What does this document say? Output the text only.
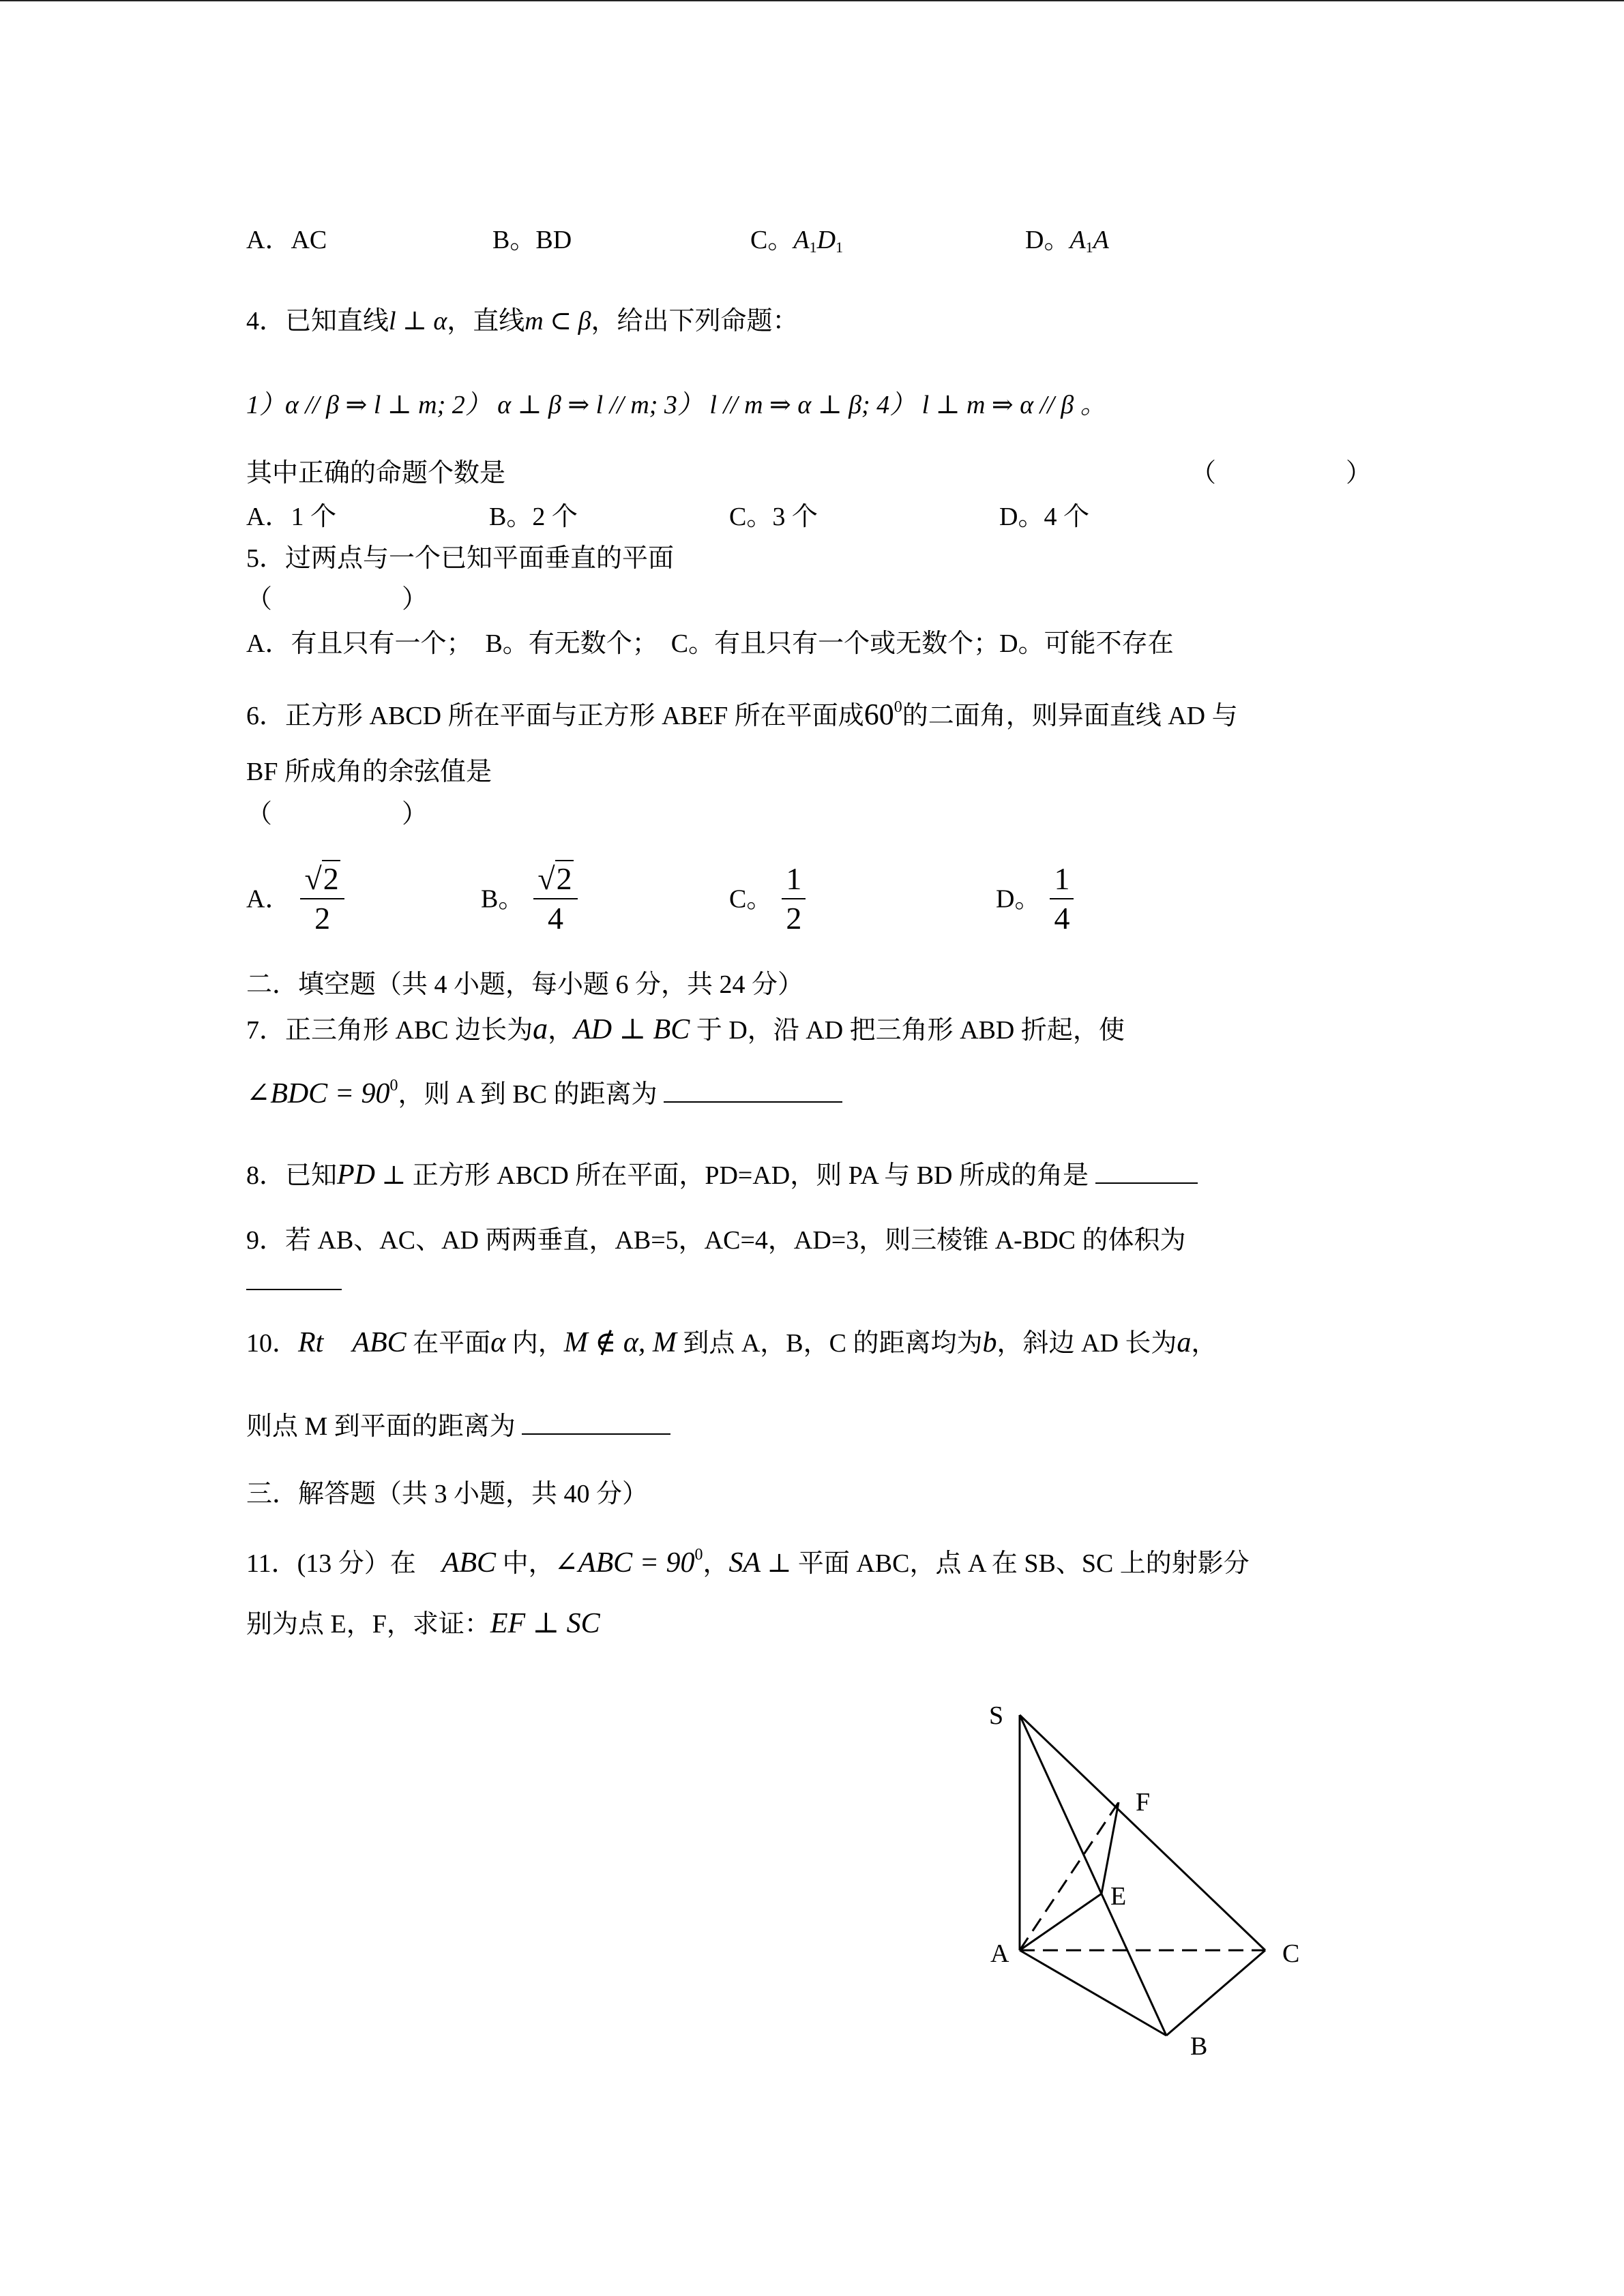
A．AC	B。BD	C。$A_1D_1$	D。$A_1A$
4．已知直线l ⊥ α，直线m ⊂ β，给出下列命题：
1）α // β ⇒ l ⊥ m; 2） α ⊥ β ⇒ l // m; 3） l // m ⇒ α ⊥ β; 4） l ⊥ m ⇒ α // β 。
其中正确的命题个数是	（　　　　　）
A．1 个	B。2 个	C。3 个	D。4 个
5．过两点与一个已知平面垂直的平面
（　　　　　）
A．有且只有一个；　B。有无数个；　C。有且只有一个或无数个；D。可能不存在
6．正方形 ABCD 所在平面与正方形 ABEF 所在平面成$60^0$的二面角，则异面直线 AD 与
BF 所成角的余弦值是
（　　　　　）
A． $\frac{√2}{2}$	B。 $\frac{√2}{4}$	C。 $\frac{1}{2}$	D。 $\frac{1}{4}$
二．填空题（共 4 小题，每小题 6 分，共 24 分）
7．正三角形 ABC 边长为a，AD ⊥ BC 于 D，沿 AD 把三角形 ABD 折起，使
∠BDC = $90^0$，则 A 到 BC 的距离为
8．已知PD ⊥ 正方形 ABCD 所在平面，PD=AD，则 PA 与 BD 所成的角是
9．若 AB、AC、AD 两两垂直，AB=5，AC=4，AD=3，则三棱锥 A-BDC 的体积为
10．Rt　ABC 在平面α 内，M ∉ α, M 到点 A，B，C 的距离均为b，斜边 AD 长为a，
则点 M 到平面的距离为
三．解答题（共 3 小题，共 40 分）
11．(13 分）在　ABC 中，∠ABC = $90^0$，SA ⊥ 平面 ABC，点 A 在 SB、SC 上的射影分
别为点 E，F，求证：EF ⊥ SC
S
F
E
A	C
B
